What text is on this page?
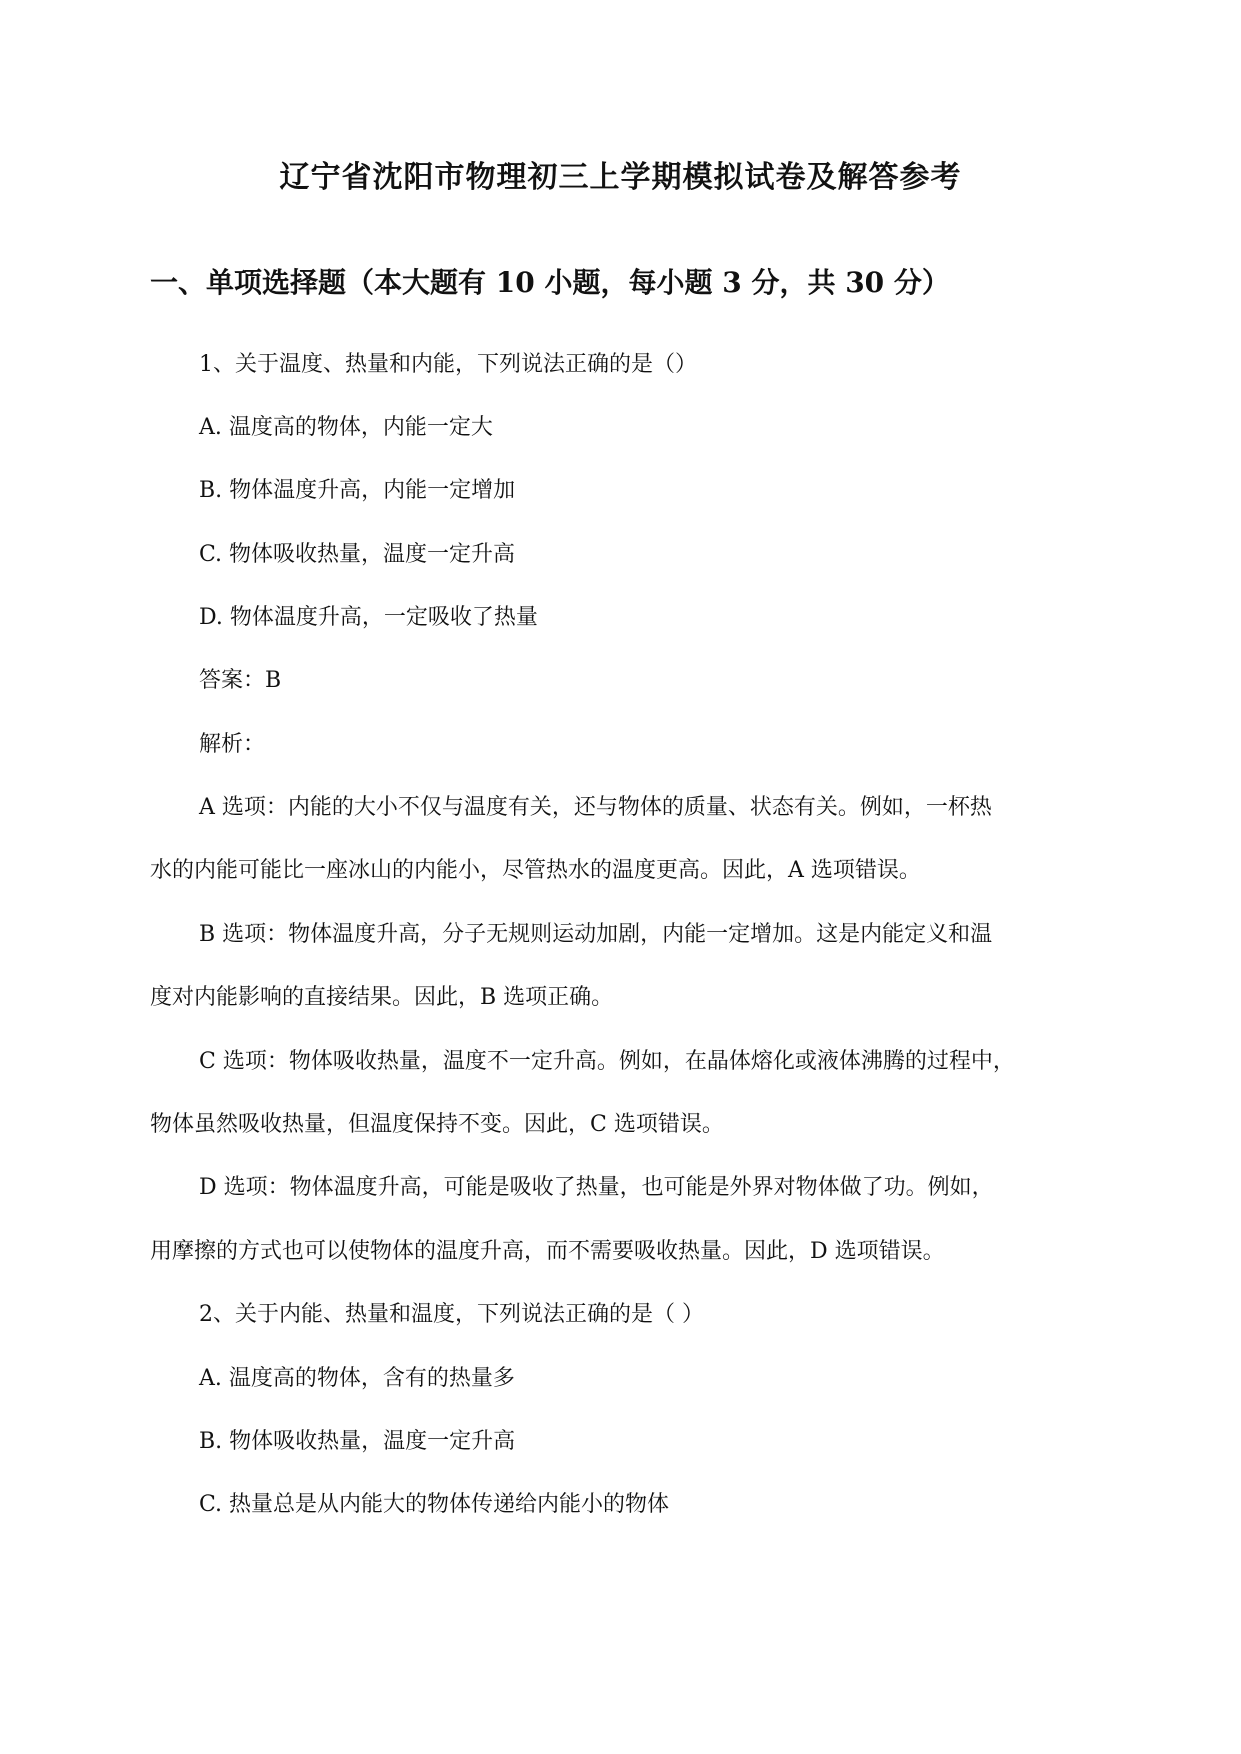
辽宁省沈阳市物理初三上学期模拟试卷及解答参考
一、单项选择题（本大题有 10 小题，每小题 3 分，共 30 分）
1、关于温度、热量和内能，下列说法正确的是（）
A. 温度高的物体，内能一定大
B. 物体温度升高，内能一定增加
C. 物体吸收热量，温度一定升高
D. 物体温度升高，一定吸收了热量
答案：B
解析：
A 选项：内能的大小不仅与温度有关，还与物体的质量、状态有关。例如，一杯热
水的内能可能比一座冰山的内能小，尽管热水的温度更高。因此，A 选项错误。
B 选项：物体温度升高，分子无规则运动加剧，内能一定增加。这是内能定义和温
度对内能影响的直接结果。因此，B 选项正确。
C 选项：物体吸收热量，温度不一定升高。例如，在晶体熔化或液体沸腾的过程中，
物体虽然吸收热量，但温度保持不变。因此，C 选项错误。
D 选项：物体温度升高，可能是吸收了热量，也可能是外界对物体做了功。例如，
用摩擦的方式也可以使物体的温度升高，而不需要吸收热量。因此，D 选项错误。
2、关于内能、热量和温度，下列说法正确的是（ ）
A. 温度高的物体，含有的热量多
B. 物体吸收热量，温度一定升高
C. 热量总是从内能大的物体传递给内能小的物体
